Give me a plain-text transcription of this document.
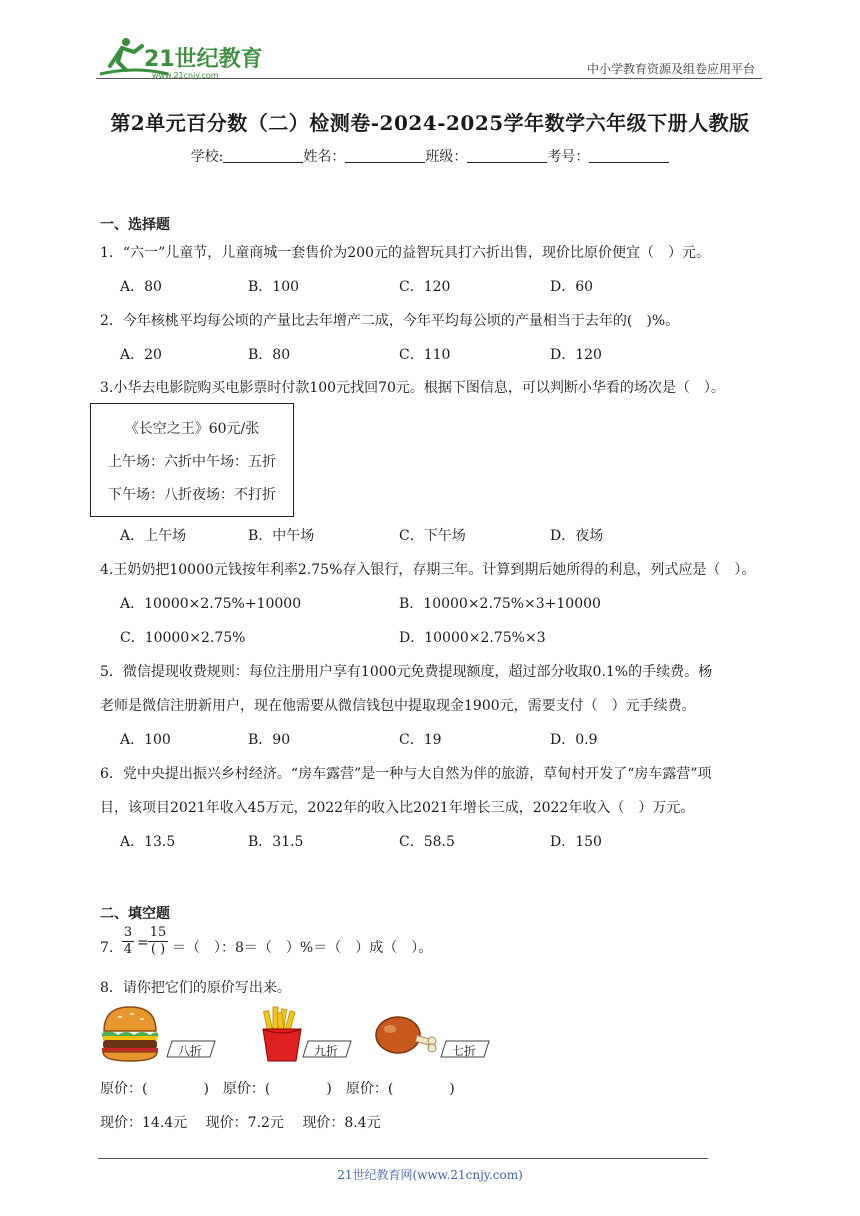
21世纪教育
www.21cnjy.com	中小学教育资源及组卷应用平台
第2单元百分数（二）检测卷-2024-2025学年数学六年级下册人教版
学校:	姓名：	班级：	考号：
一、选择题
1．“六一”儿童节，儿童商城一套售价为200元的益智玩具打六折出售，现价比原价便宜（　）元。
A．80	B．100	C．120	D．60
2．今年核桃平均每公顷的产量比去年增产二成，今年平均每公顷的产量相当于去年的(　)%。
A．20	B．80	C．110	D．120
3.小华去电影院购买电影票时付款100元找回70元。根据下图信息，可以判断小华看的场次是（　）。
《长空之王》60元/张
上午场：六折中午场：五折
下午场：八折夜场：不打折
A．上午场	B．中午场	C．下午场	D．夜场
4.王奶奶把10000元钱按年利率2.75%存入银行，存期三年。计算到期后她所得的利息，列式应是（　）。
A．10000×2.75%+10000	B．10000×2.75%×3+10000
C．10000×2.75%	D．10000×2.75%×3
5．微信提现收费规则：每位注册用户享有1000元免费提现额度，超过部分收取0.1%的手续费。杨
老师是微信注册新用户，现在他需要从微信钱包中提取现金1900元，需要支付（　）元手续费。
A．100	B．90	C．19	D．0.9
6．党中央提出振兴乡村经济。“房车露营”是一种与大自然为伴的旅游，草甸村开发了“房车露营”项
目，该项目2021年收入45万元，2022年的收入比2021年增长三成，2022年收入（　）万元。
A．13.5	B．31.5	C．58.5	D．150
二、填空题
7．
3
4 =
15
( ) ＝（　）：8＝（　）%＝（　）成（　）。
8．请你把它们的原价写出来。
八折	九折	七折
原价：(　　　　)　原价：(　　　　)　原价：(　　　　)
现价：14.4元　 现价：7.2元　 现价：8.4元
21世纪教育网(www.21cnjy.com)
